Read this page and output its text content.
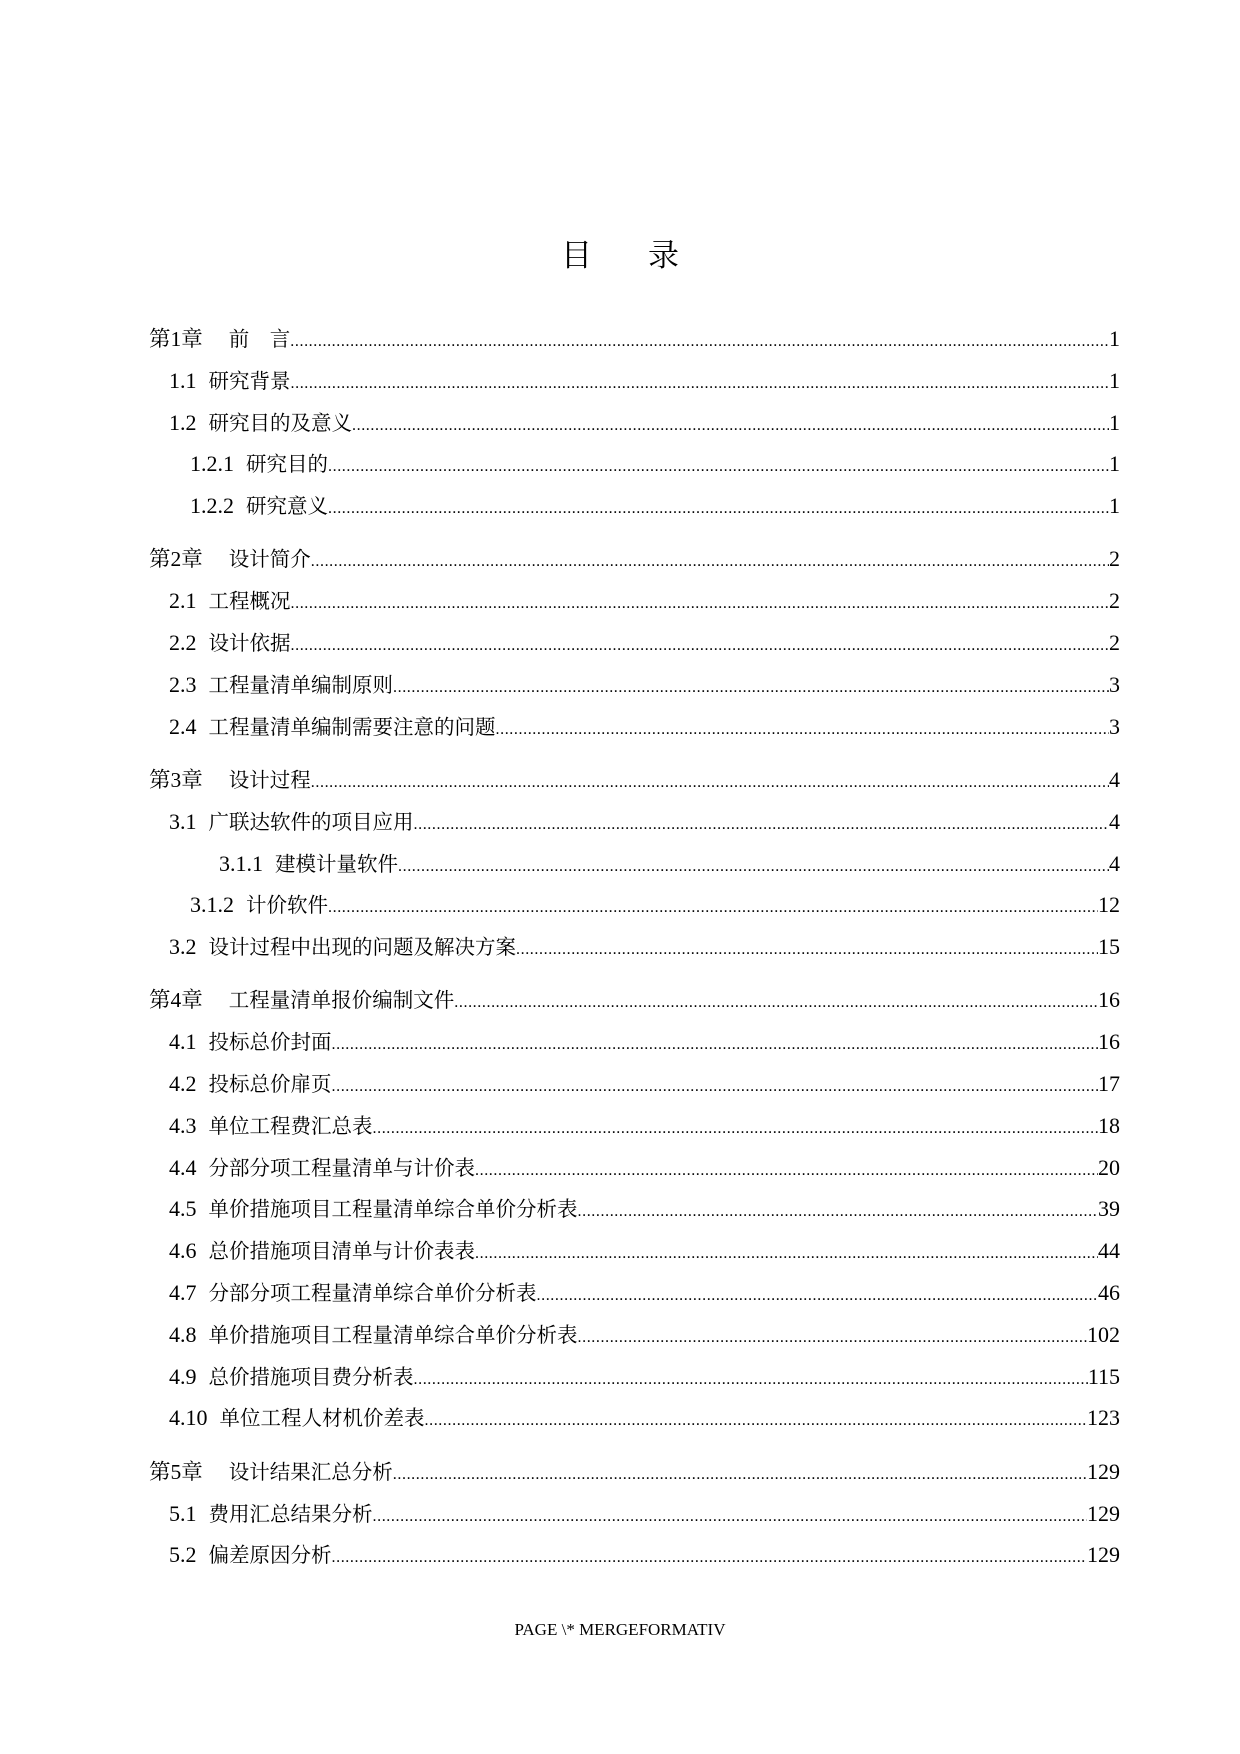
目 录
第1章 前　言 .....	1
1.1 研究背景 .....	1
1.2 研究目的及意义 .....	1
1.2.1 研究目的 .....	1
1.2.2 研究意义 .....	1
第2章 设计简介 .....	2
2.1 工程概况 .....	2
2.2 设计依据 .....	2
2.3 工程量清单编制原则 .....	3
2.4 工程量清单编制需要注意的问题 .....	3
第3章 设计过程 .....	4
3.1 广联达软件的项目应用 .....	4
3.1.1 建模计量软件 .....	4
3.1.2 计价软件 .....	12
3.2 设计过程中出现的问题及解决方案 .....	15
第4章 工程量清单报价编制文件 .....	16
4.1 投标总价封面 .....	16
4.2 投标总价扉页 .....	17
4.3 单位工程费汇总表 .....	18
4.4 分部分项工程量清单与计价表 .....	20
4.5 单价措施项目工程量清单综合单价分析表 .....	39
4.6 总价措施项目清单与计价表表 .....	44
4.7 分部分项工程量清单综合单价分析表 .....	46
4.8 单价措施项目工程量清单综合单价分析表 .....	102
4.9 总价措施项目费分析表 .....	115
4.10 单位工程人材机价差表 .....	123
第5章 设计结果汇总分析 .....	129
5.1 费用汇总结果分析 .....	129
5.2 偏差原因分析 .....	129
PAGE \* MERGEFORMATIV
